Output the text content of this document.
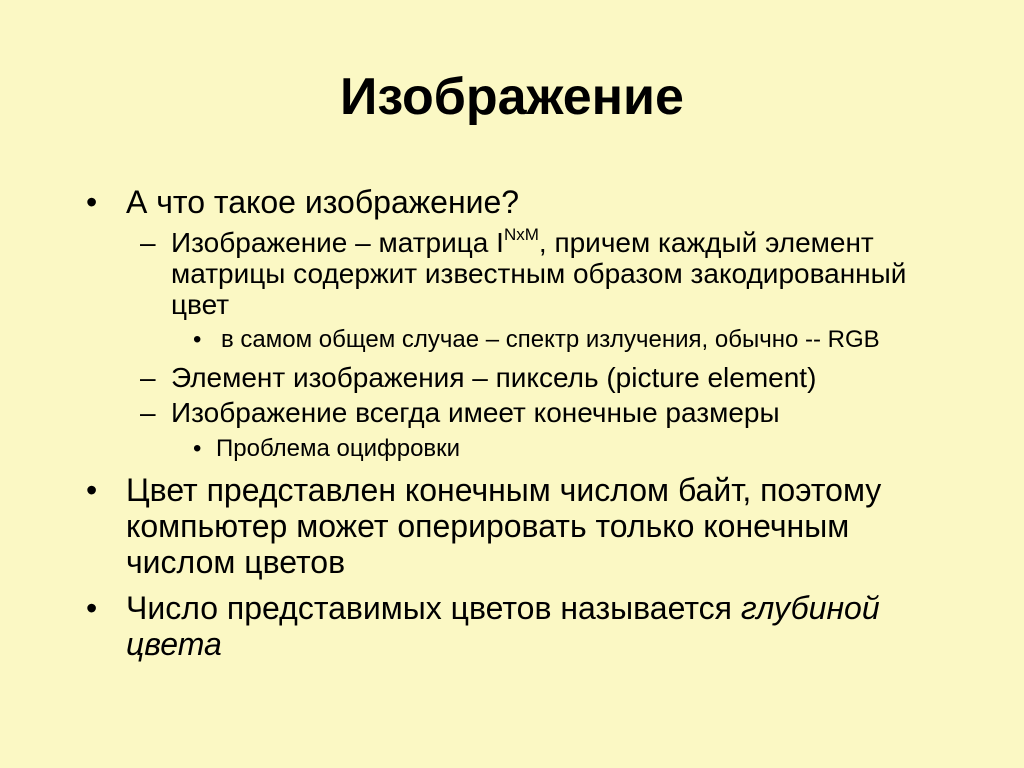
Изображение
• А что такое изображение?
– Изображение – матрица $I^{NxM}$, причем каждый элемент матрицы содержит известным образом закодированный цвет
• в самом общем случае – спектр излучения, обычно -- RGB
– Элемент изображения – пиксель (picture element)
– Изображение всегда имеет конечные размеры
• Проблема оцифровки
• Цвет представлен конечным числом байт, поэтому компьютер может оперировать только конечным числом цветов
• Число представимых цветов называется глубиной цвета
